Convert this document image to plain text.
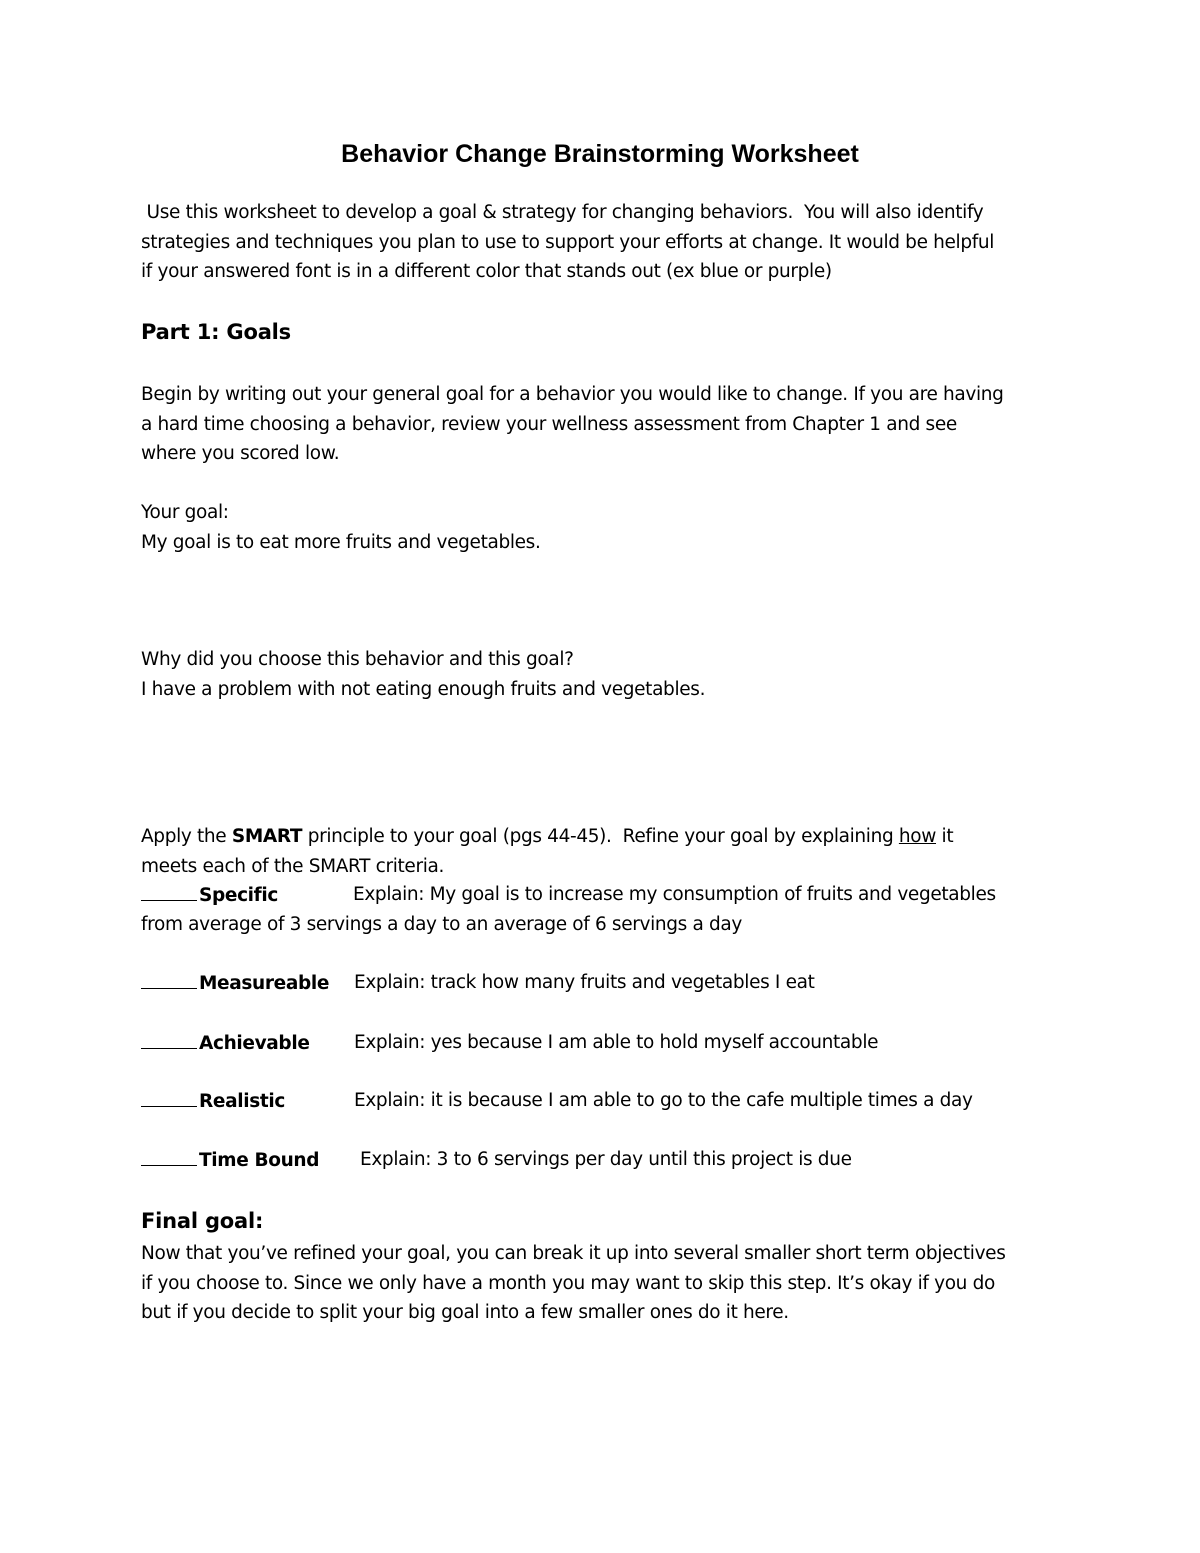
Behavior Change Brainstorming Worksheet
Use this worksheet to develop a goal & strategy for changing behaviors.  You will also identify
strategies and techniques you plan to use to support your efforts at change. It would be helpful
if your answered font is in a different color that stands out (ex blue or purple)
Part 1: Goals
Begin by writing out your general goal for a behavior you would like to change. If you are having
a hard time choosing a behavior, review your wellness assessment from Chapter 1 and see
where you scored low.
Your goal:
My goal is to eat more fruits and vegetables.
Why did you choose this behavior and this goal?
I have a problem with not eating enough fruits and vegetables.
Apply the SMART principle to your goal (pgs 44-45).  Refine your goal by explaining how it
meets each of the SMART criteria.
Specific	Explain: My goal is to increase my consumption of fruits and vegetables
from average of 3 servings a day to an average of 6 servings a day
Measureable Explain: track how many fruits and vegetables I eat
Achievable Explain: yes because I am able to hold myself accountable
Realistic	Explain: it is because I am able to go to the cafe multiple times a day
Time Bound Explain: 3 to 6 servings per day until this project is due
Final goal:
Now that you’ve refined your goal, you can break it up into several smaller short term objectives
if you choose to. Since we only have a month you may want to skip this step. It’s okay if you do
but if you decide to split your big goal into a few smaller ones do it here.
